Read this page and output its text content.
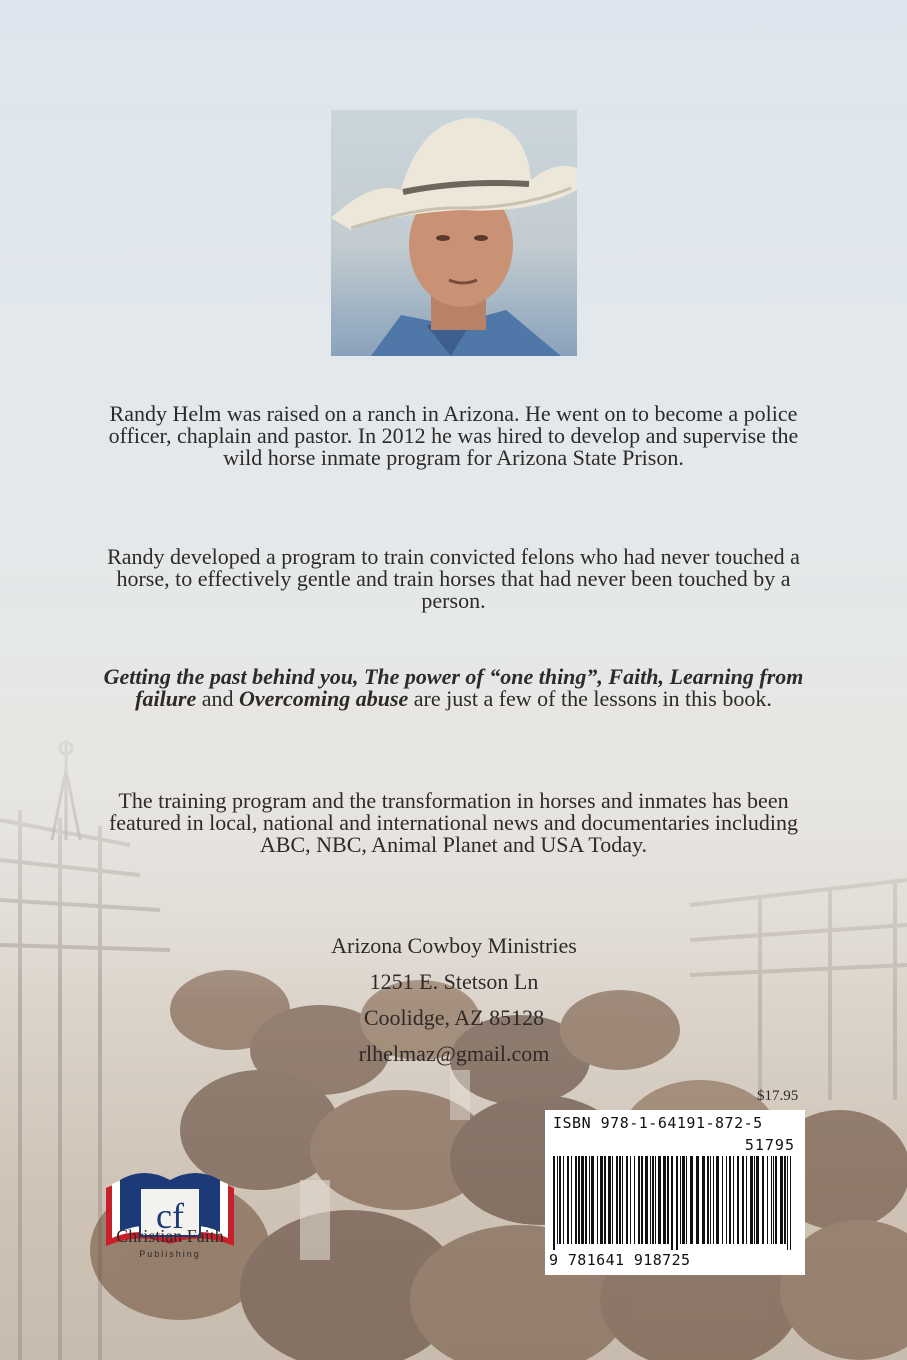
Randy Helm was raised on a ranch in Arizona. He went on to become a police officer, chaplain and pastor. In 2012 he was hired to develop and supervise the wild horse inmate program for Arizona State Prison.

Randy developed a program to train convicted felons who had never touched a horse, to effectively gentle and train horses that had never been touched by a person.

Getting the past behind you, The power of “one thing”, Faith, Learning from failure and Overcoming abuse are just a few of the lessons in this book.

The training program and the transformation in horses and inmates has been featured in local, national and international news and documentaries including ABC, NBC, Animal Planet and USA Today.

Arizona Cowboy Ministries
1251 E. Stetson Ln
Coolidge, AZ 85128
rlhelmaz@gmail.com
$17.95
ISBN 978-1-64191-872-5
51795
9 781641 918725
cf
Christian Faith
Publishing
